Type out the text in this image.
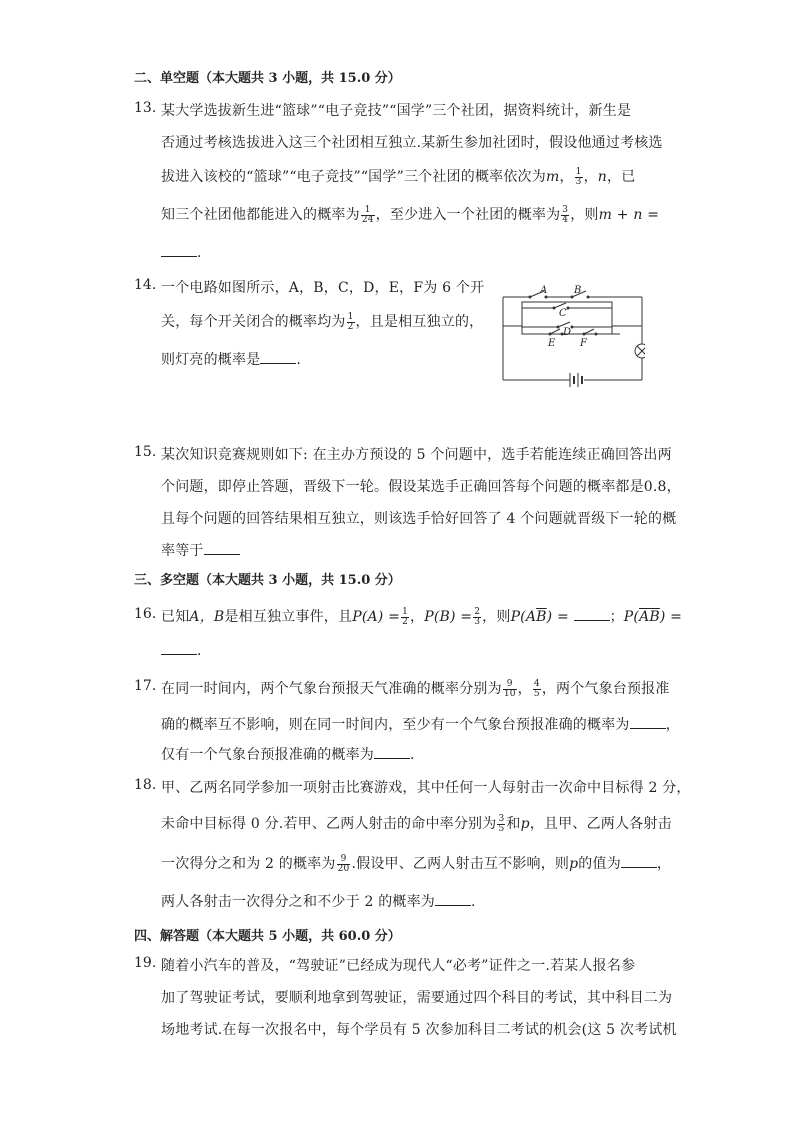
二、单空题（本大题共 3 小题，共 15.0 分）
13. 某大学选拔新生进“篮球”“电子竞技”“国学”三个社团，据资料统计，新生是
否通过考核选拔进入这三个社团相互独立.某新生参加社团时，假设他通过考核选
拔进入该校的“篮球”“电子竞技”“国学”三个社团的概率依次为m， $\frac{1}{3}$ ，n，已
知三个社团他都能进入的概率为 $\frac{1}{24}$ ，至少进入一个社团的概率为 $\frac{3}{4}$ ，则m + n =
.
14. 一个电路如图所示，A，B，C，D，E，F为 6 个开
关，每个开关闭合的概率均为 $\frac{1}{2}$ ，且是相互独立的，
则灯亮的概率是	.
A	B
C
D
E F
15. 某次知识竞赛规则如下: 在主办方预设的 5 个问题中，选手若能连续正确回答出两
个问题，即停止答题，晋级下一轮。假设某选手正确回答每个问题的概率都是0.8，
且每个问题的回答结果相互独立，则该选手恰好回答了 4 个问题就晋级下一轮的概
率等于
三、多空题（本大题共 3 小题，共 15.0 分）
16. 已知A，B是相互独立事件，且$P(A) = \frac{1}{2}$ ，$P(B) = \frac{2}{3}$ ，则$P(A\overline{B})$ =	；$P(\overline{AB})$ =
.
17. 在同一时间内，两个气象台预报天气准确的概率分别为 $\frac{9}{10}$ ， $\frac{4}{5}$ ，两个气象台预报准
确的概率互不影响，则在同一时间内，至少有一个气象台预报准确的概率为	，
仅有一个气象台预报准确的概率为	.
18. 甲、乙两名同学参加一项射击比赛游戏，其中任何一人每射击一次命中目标得 2 分，
未命中目标得 0 分.若甲、乙两人射击的命中率分别为 $\frac{3}{5}$ 和p，且甲、乙两人各射击
一次得分之和为 2 的概率为 $\frac{9}{20}$ .假设甲、乙两人射击互不影响，则p的值为	，
两人各射击一次得分之和不少于 2 的概率为	.
四、解答题（本大题共 5 小题，共 60.0 分）
19. 随着小汽车的普及，“驾驶证”已经成为现代人“必考”证件之一.若某人报名参
加了驾驶证考试，要顺利地拿到驾驶证，需要通过四个科目的考试，其中科目二为
场地考试.在每一次报名中，每个学员有 5 次参加科目二考试的机会(这 5 次考试机
